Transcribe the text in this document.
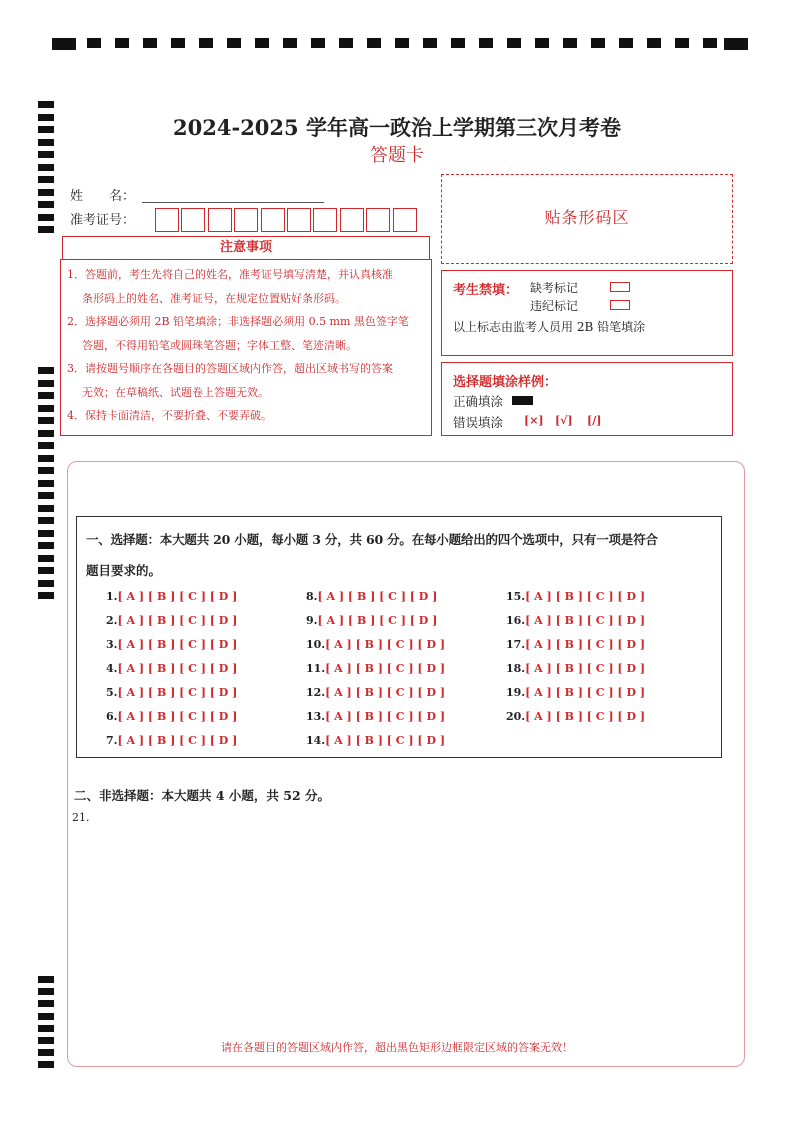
2024-2025 学年高一政治上学期第三次月考卷
答题卡
姓　　名：
准考证号：	贴条形码区
注意事项

1．答题前，考生先将自己的姓名，准考证号填写清楚，并认真核准

条形码上的姓名、准考证号，在规定位置贴好条形码。

2．选择题必须用 2B 铅笔填涂；非选择题必须用 0.5 mm 黑色签字笔

答题，不得用铅笔或圆珠笔答题；字体工整、笔迹清晰。

3．请按题号顺序在各题目的答题区域内作答，超出区域书写的答案

无效；在草稿纸、试题卷上答题无效。

4．保持卡面清洁，不要折叠、不要弄破。

考生禁填： 缺考标记
违纪标记
以上标志由监考人员用 2B 铅笔填涂
选择题填涂样例：
正确填涂
错误填涂 [×] [√] [/]
一、选择题：本大题共 20 小题，每小题 3 分，共 60 分。在每小题给出的四个选项中，只有一项是符合
题目要求的。
1.[ A ] [ B ] [ C ] [ D ]
2.[ A ] [ B ] [ C ] [ D ]
3.[ A ] [ B ] [ C ] [ D ]
4.[ A ] [ B ] [ C ] [ D ]
5.[ A ] [ B ] [ C ] [ D ]
6.[ A ] [ B ] [ C ] [ D ]
7.[ A ] [ B ] [ C ] [ D ]
8.[ A ] [ B ] [ C ] [ D ]
9.[ A ] [ B ] [ C ] [ D ]
10.[ A ] [ B ] [ C ] [ D ]
11.[ A ] [ B ] [ C ] [ D ]
12.[ A ] [ B ] [ C ] [ D ]
13.[ A ] [ B ] [ C ] [ D ]
14.[ A ] [ B ] [ C ] [ D ]
15.[ A ] [ B ] [ C ] [ D ]
16.[ A ] [ B ] [ C ] [ D ]
17.[ A ] [ B ] [ C ] [ D ]
18.[ A ] [ B ] [ C ] [ D ]
19.[ A ] [ B ] [ C ] [ D ]
20.[ A ] [ B ] [ C ] [ D ]
二、非选择题：本大题共 4 小题，共 52 分。
21.
请在各题目的答题区域内作答，超出黑色矩形边框限定区域的答案无效！
